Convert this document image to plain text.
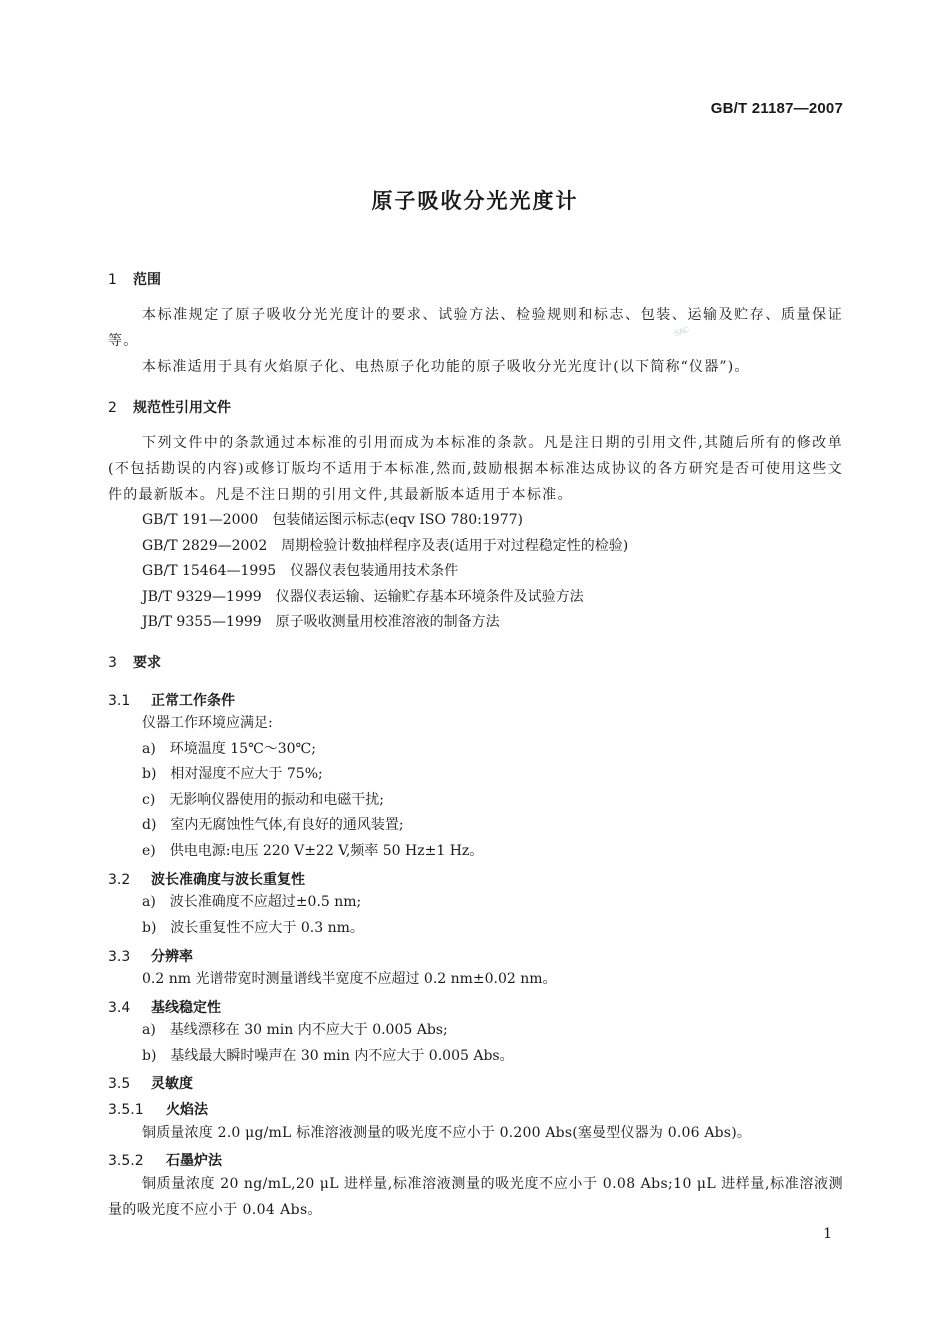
GB/T 21187—2007
原子吸收分光光度计
SAC
1 范围
本标准规定了原子吸收分光光度计的要求、试验方法、检验规则和标志、包装、运输及贮存、质量保证等。
本标准适用于具有火焰原子化、电热原子化功能的原子吸收分光光度计(以下简称“仪器”)。
2 规范性引用文件
下列文件中的条款通过本标准的引用而成为本标准的条款。凡是注日期的引用文件,其随后所有的修改单(不包括勘误的内容)或修订版均不适用于本标准,然而,鼓励根据本标准达成协议的各方研究是否可使用这些文件的最新版本。凡是不注日期的引用文件,其最新版本适用于本标准。
GB/T 191—2000　包装储运图示标志(eqv ISO 780:1977)
GB/T 2829—2002　周期检验计数抽样程序及表(适用于对过程稳定性的检验)
GB/T 15464—1995　仪器仪表包装通用技术条件
JB/T 9329—1999　仪器仪表运输、运输贮存基本环境条件及试验方法
JB/T 9355—1999　原子吸收测量用校准溶液的制备方法
3 要求
3.1 正常工作条件
仪器工作环境应满足:
a)　环境温度 15℃～30℃;
b)　相对湿度不应大于 75%;
c)　无影响仪器使用的振动和电磁干扰;
d)　室内无腐蚀性气体,有良好的通风装置;
e)　供电电源:电压 220 V±22 V,频率 50 Hz±1 Hz。
3.2 波长准确度与波长重复性
a)　波长准确度不应超过±0.5 nm;
b)　波长重复性不应大于 0.3 nm。
3.3 分辨率
0.2 nm 光谱带宽时测量谱线半宽度不应超过 0.2 nm±0.02 nm。
3.4 基线稳定性
a)　基线漂移在 30 min 内不应大于 0.005 Abs;
b)　基线最大瞬时噪声在 30 min 内不应大于 0.005 Abs。
3.5 灵敏度
3.5.1 火焰法
铜质量浓度 2.0 μg/mL 标准溶液测量的吸光度不应小于 0.200 Abs(塞曼型仪器为 0.06 Abs)。
3.5.2 石墨炉法
铜质量浓度 20 ng/mL,20 μL 进样量,标准溶液测量的吸光度不应小于 0.08 Abs;10 μL 进样量,标准溶液测量的吸光度不应小于 0.04 Abs。
1
